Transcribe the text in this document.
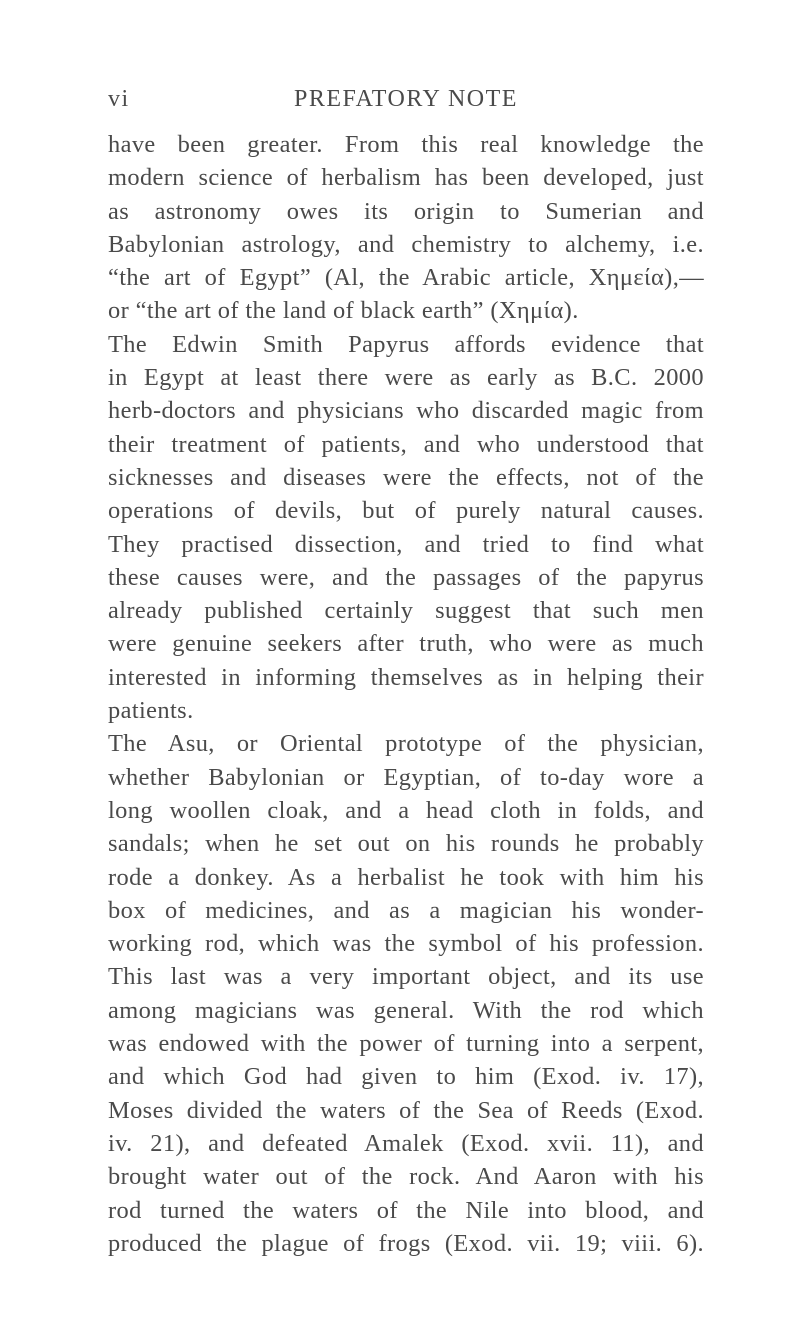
vi	PREFATORY NOTE
have been greater. From this real knowledge the
modern science of herbalism has been developed, just
as astronomy owes its origin to Sumerian and
Babylonian astrology, and chemistry to alchemy, i.e.
“the art of Egypt” (Al, the Arabic article, Χημεία),—
or “the art of the land of black earth” (Χημία).
The Edwin Smith Papyrus affords evidence that
in Egypt at least there were as early as B.C. 2000
herb-doctors and physicians who discarded magic from
their treatment of patients, and who understood that
sicknesses and diseases were the effects, not of the
operations of devils, but of purely natural causes.
They practised dissection, and tried to find what
these causes were, and the passages of the papyrus
already published certainly suggest that such men
were genuine seekers after truth, who were as much
interested in informing themselves as in helping their
patients.
The Asu, or Oriental prototype of the physician,
whether Babylonian or Egyptian, of to-day wore a
long woollen cloak, and a head cloth in folds, and
sandals; when he set out on his rounds he probably
rode a donkey. As a herbalist he took with him his
box of medicines, and as a magician his wonder-
working rod, which was the symbol of his profession.
This last was a very important object, and its use
among magicians was general. With the rod which
was endowed with the power of turning into a serpent,
and which God had given to him (Exod. iv. 17),
Moses divided the waters of the Sea of Reeds (Exod.
iv. 21), and defeated Amalek (Exod. xvii. 11), and
brought water out of the rock. And Aaron with his
rod turned the waters of the Nile into blood, and
produced the plague of frogs (Exod. vii. 19; viii. 6).
